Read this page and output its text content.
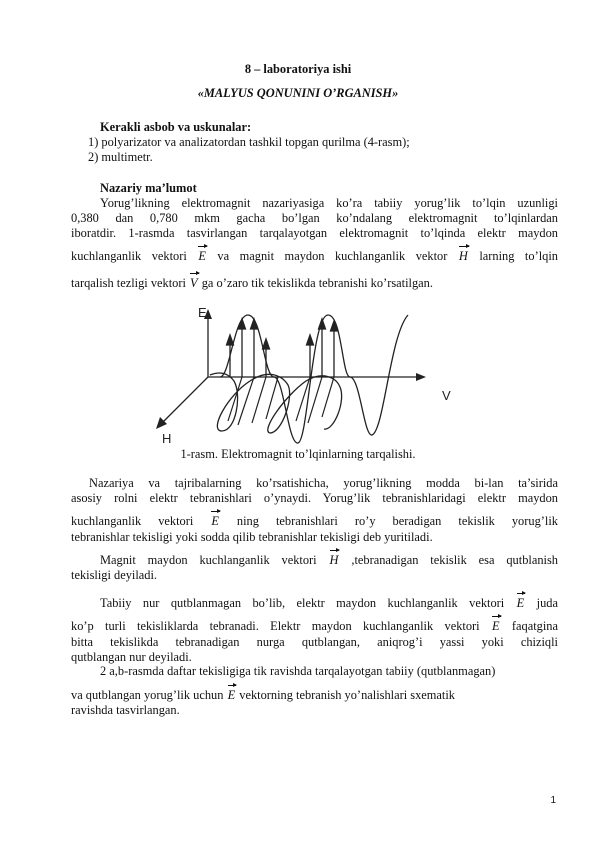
8 – laboratoriya ishi
«MALYUS QONUNINI O’RGANISH»
Kerakli asbob va uskunalar:
1) polyarizator va analizatordan tashkil topgan qurilma (4-rasm);
2) multimetr.
Nazariy ma’lumot
Yorug’likning elektromagnit nazariyasiga ko’ra tabiiy yorug’lik to’lqin uzunligi
0,380 dan 0,780 mkm gacha bo’lgan ko’ndalang elektromagnit to’lqinlardan
iboratdir. 1-rasmda tasvirlangan tarqalayotgan elektromagnit to’lqinda elektr maydon
kuchlanganlik vektori E va magnit maydon kuchlanganlik vektor H larning to’lqin
tarqalish tezligi vektori V ga o’zaro tik tekislikda tebranishi ko’rsatilgan.
E
V
H
1-rasm. Elektromagnit to’lqinlarning tarqalishi.
Nazariya va tajribalarning ko’rsatishicha, yorug’likning modda bi-lan ta’sirida
asosiy rolni elektr tebranishlari o’ynaydi. Yorug’lik tebranishlaridagi elektr maydon
kuchlanganlik vektori E ning tebranishlari ro’y beradigan tekislik yorug’lik
tebranishlar tekisligi yoki sodda qilib tebranishlar tekisligi deb yuritiladi.
Magnit maydon kuchlanganlik vektori H ,tebranadigan tekislik esa qutblanish
tekisligi deyiladi.
Tabiiy nur qutblanmagan bo’lib, elektr maydon kuchlanganlik vektori E juda
ko’p turli tekisliklarda tebranadi. Elektr maydon kuchlanganlik vektori E faqatgina
bitta tekislikda tebranadigan nurga qutblangan, aniqrog’i yassi yoki chiziqli
qutblangan nur deyiladi.
2 a,b-rasmda daftar tekisligiga tik ravishda tarqalayotgan tabiiy (qutblanmagan)
va qutblangan yorug’lik uchun E vektorning tebranish yo’nalishlari sxematik
ravishda tasvirlangan.
1
